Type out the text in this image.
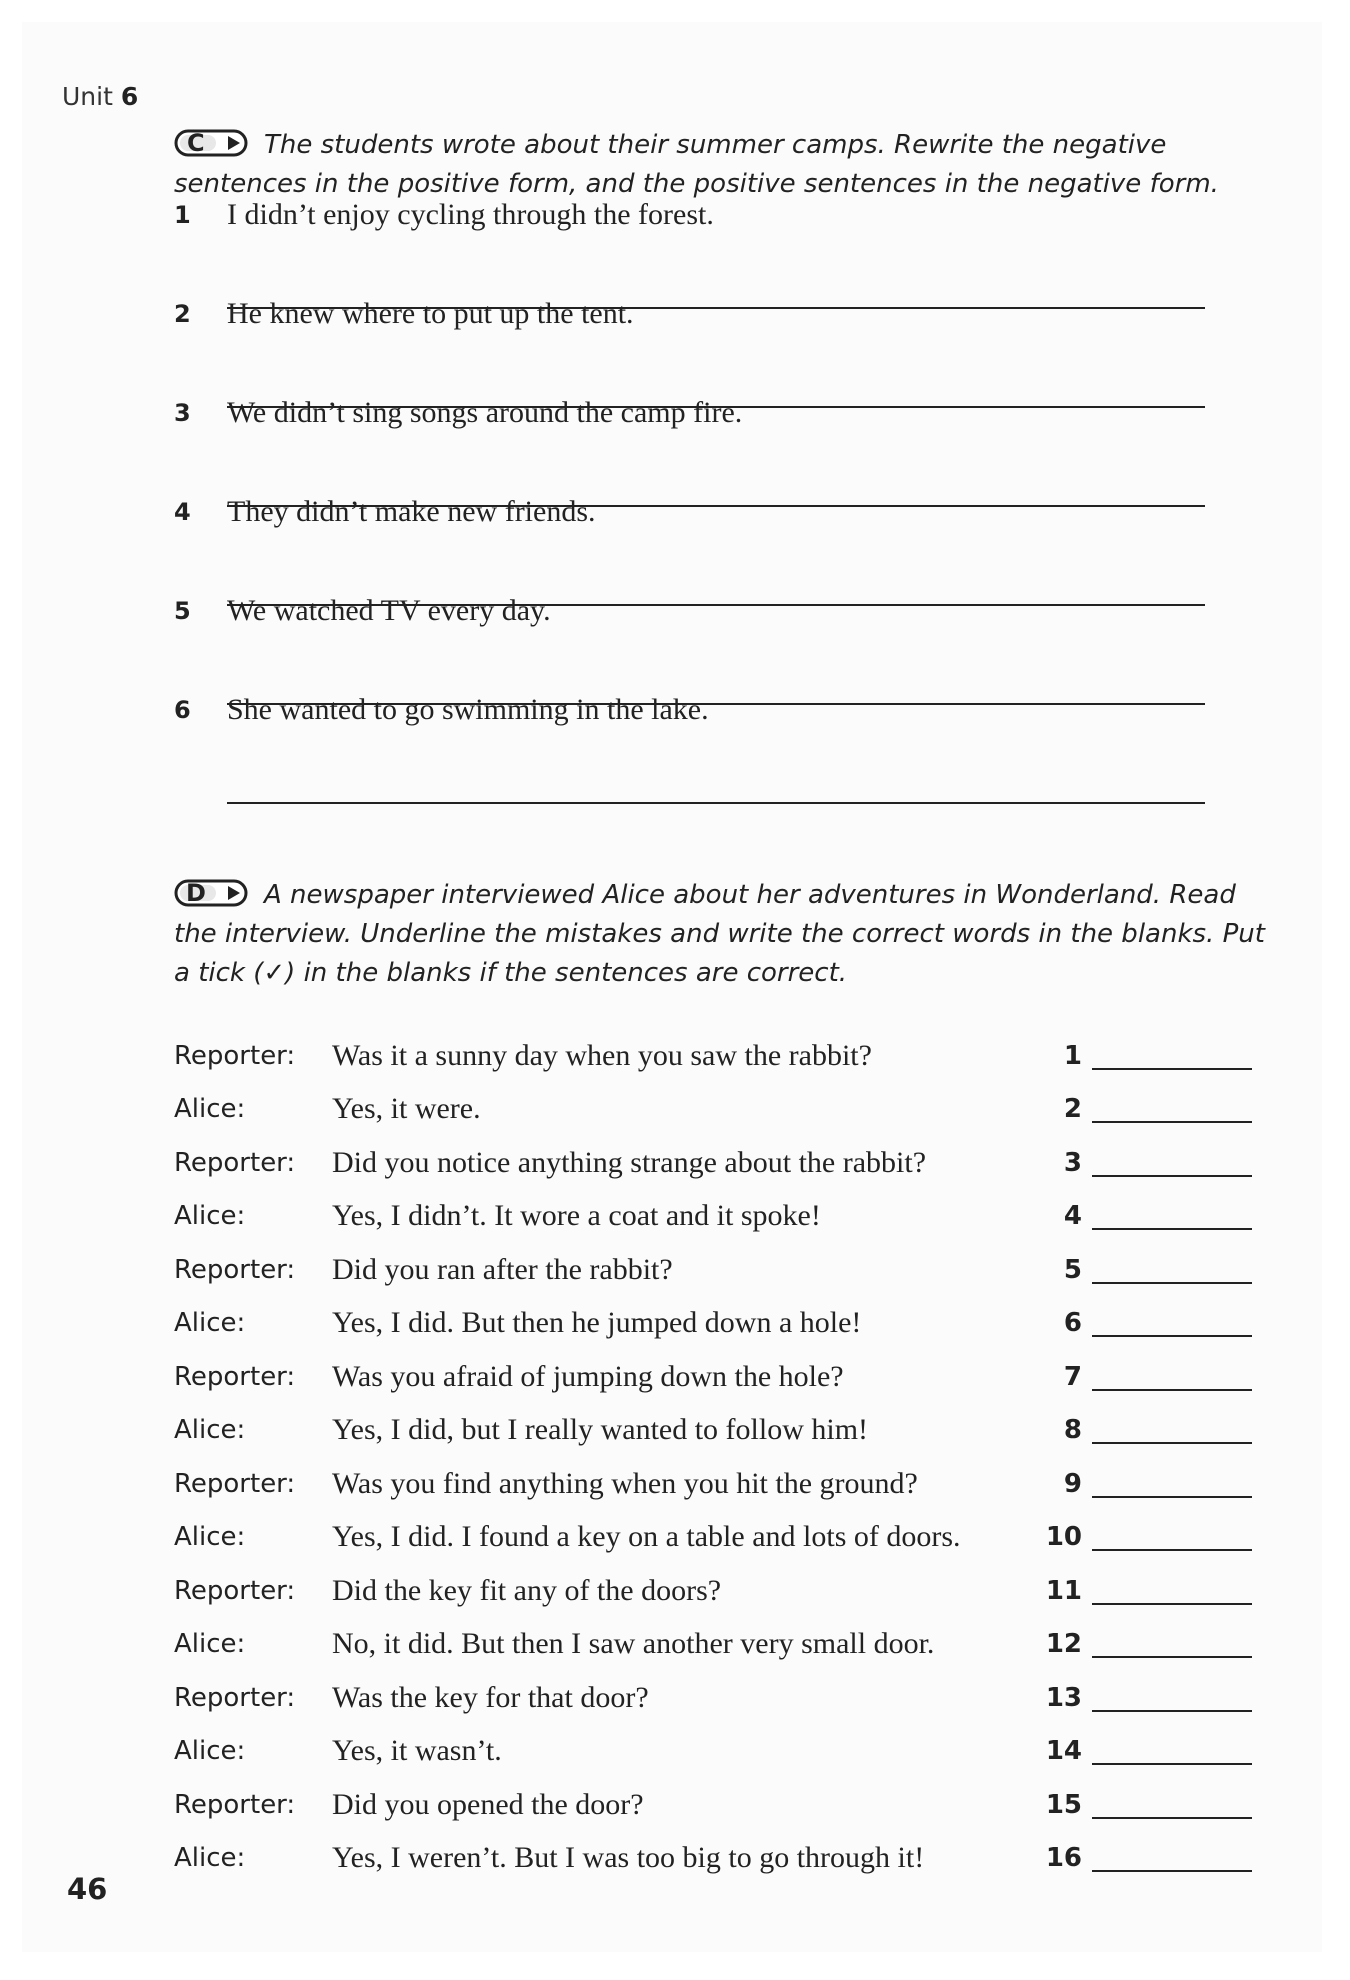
Unit 6
C The students wrote about their summer camps. Rewrite the negative sentences in the positive form, and the positive sentences in the negative form.
1	I didn’t enjoy cycling through the forest.
2	He knew where to put up the tent.
3	We didn’t sing songs around the camp fire.
4	They didn’t make new friends.
5	We watched TV every day.
6	She wanted to go swimming in the lake.
D A newspaper interviewed Alice about her adventures in Wonderland. Read the interview. Underline the mistakes and write the correct words in the blanks. Put a tick (✓) in the blanks if the sentences are correct.
Reporter: Was it a sunny day when you saw the rabbit?	1
Alice:	Yes, it were.	2
Reporter: Did you notice anything strange about the rabbit?	3
Alice:	Yes, I didn’t. It wore a coat and it spoke!	4
Reporter: Did you ran after the rabbit?	5
Alice:	Yes, I did. But then he jumped down a hole!	6
Reporter: Was you afraid of jumping down the hole?	7
Alice:	Yes, I did, but I really wanted to follow him!	8
Reporter: Was you find anything when you hit the ground?	9
Alice:	Yes, I did. I found a key on a table and lots of doors.	10
Reporter: Did the key fit any of the doors?	11
Alice:	No, it did. But then I saw another very small door.	12
Reporter: Was the key for that door?	13
Alice:	Yes, it wasn’t.	14
Reporter: Did you opened the door?	15
Alice:	Yes, I weren’t. But I was too big to go through it!	16
46
